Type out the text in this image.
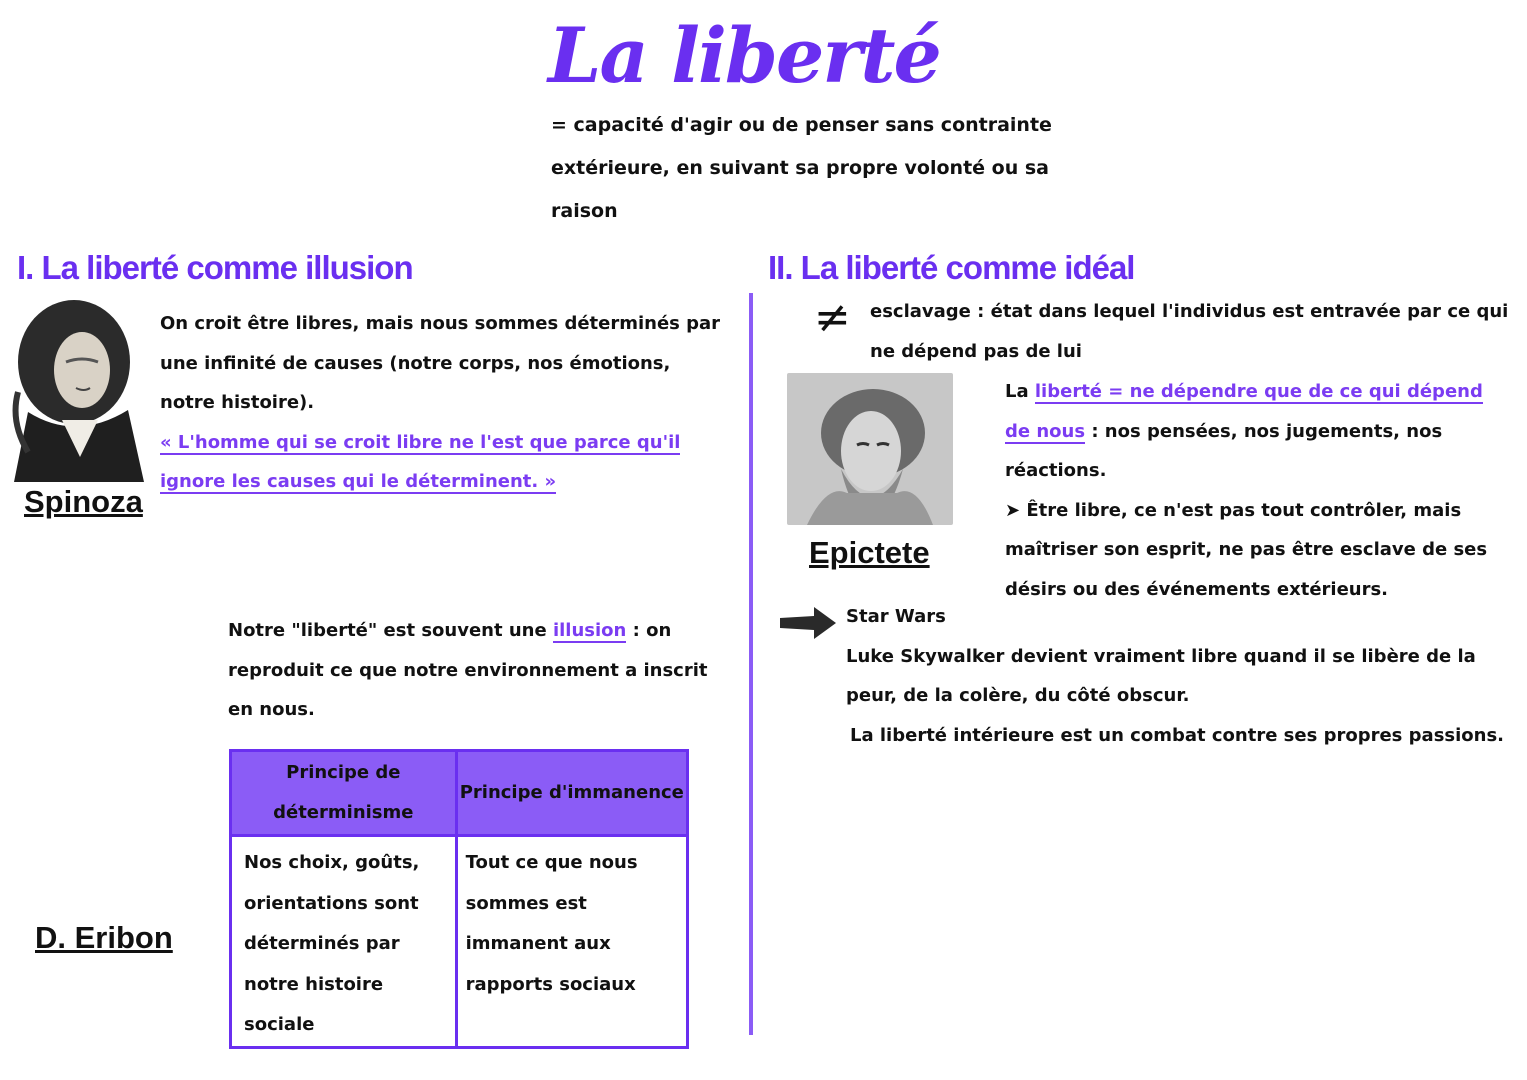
La liberté
= capacité d'agir ou de penser sans contrainte extérieure, en suivant sa propre volonté ou sa raison
I. La liberté comme illusion
Spinoza
On croit être libres, mais nous sommes déterminés par une infinité de causes (notre corps, nos émotions, notre histoire).
« L'homme qui se croit libre ne l'est que parce qu'il ignore les causes qui le déterminent. »
Notre "liberté" est souvent une illusion : on reproduit ce que notre environnement a inscrit en nous.
D. Eribon
Principe de déterminisme	Principe d'immanence
Nos choix, goûts, orientations sont déterminés par notre histoire sociale	Tout ce que nous sommes est immanent aux rapports sociaux
II. La liberté comme idéal
≠ esclavage : état dans lequel l'individus est entravée par ce qui ne dépend pas de lui
Epictete
La liberté = ne dépendre que de ce qui dépend de nous : nos pensées, nos jugements, nos réactions.
➤ Être libre, ce n'est pas tout contrôler, mais maîtriser son esprit, ne pas être esclave de ses désirs ou des événements extérieurs.
Star Wars
Luke Skywalker devient vraiment libre quand il se libère de la peur, de la colère, du côté obscur.
La liberté intérieure est un combat contre ses propres passions.
